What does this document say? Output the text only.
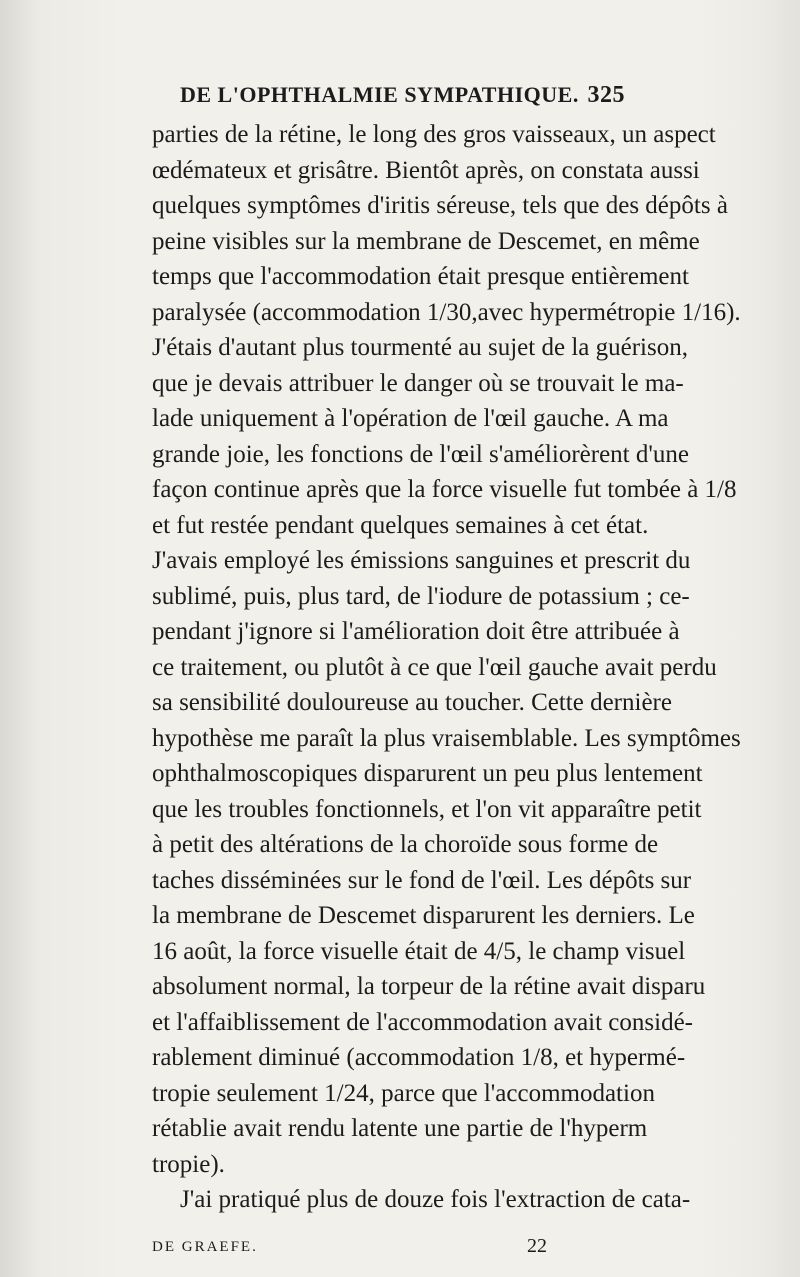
DE L'OPHTHALMIE SYMPATHIQUE. 325
parties de la rétine, le long des gros vaisseaux, un aspect
œdémateux et grisâtre. Bientôt après, on constata aussi
quelques symptômes d'iritis séreuse, tels que des dépôts à
peine visibles sur la membrane de Descemet, en même
temps que l'accommodation était presque entièrement
paralysée (accommodation 1/30,avec hypermétropie 1/16).
J'étais d'autant plus tourmenté au sujet de la guérison,
que je devais attribuer le danger où se trouvait le ma-
lade uniquement à l'opération de l'œil gauche. A ma
grande joie, les fonctions de l'œil s'améliorèrent d'une
façon continue après que la force visuelle fut tombée à 1/8
et fut restée pendant quelques semaines à cet état.
J'avais employé les émissions sanguines et prescrit du
sublimé, puis, plus tard, de l'iodure de potassium ; ce-
pendant j'ignore si l'amélioration doit être attribuée à
ce traitement, ou plutôt à ce que l'œil gauche avait perdu
sa sensibilité douloureuse au toucher. Cette dernière
hypothèse me paraît la plus vraisemblable. Les symptômes
ophthalmoscopiques disparurent un peu plus lentement
que les troubles fonctionnels, et l'on vit apparaître petit
à petit des altérations de la choroïde sous forme de
taches disséminées sur le fond de l'œil. Les dépôts sur
la membrane de Descemet disparurent les derniers. Le
16 août, la force visuelle était de 4/5, le champ visuel
absolument normal, la torpeur de la rétine avait disparu
et l'affaiblissement de l'accommodation avait considé-
rablement diminué (accommodation 1/8, et hypermé-
tropie seulement 1/24, parce que l'accommodation
rétablie avait rendu latente une partie de l'hyperm
tropie).
J'ai pratiqué plus de douze fois l'extraction de cata-
DE GRAEFE.	22
